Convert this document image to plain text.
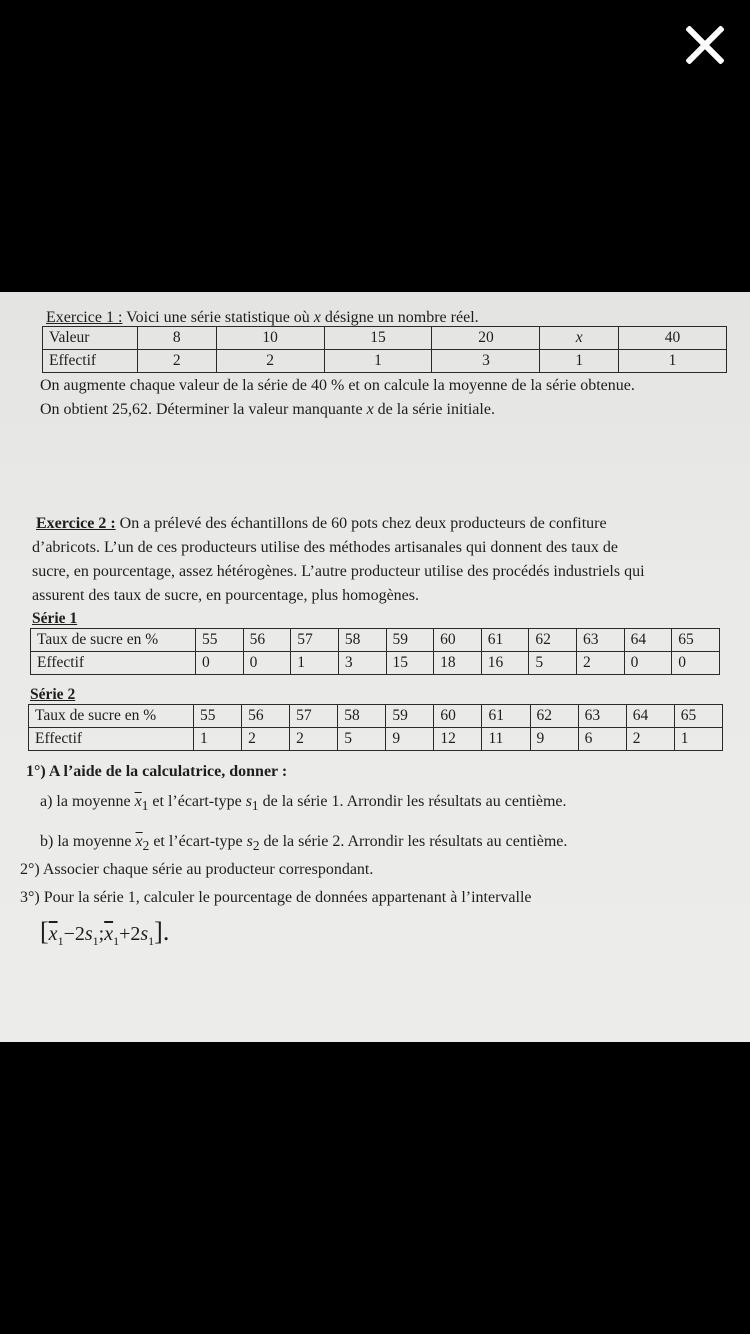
Exercice 1 : Voici une série statistique où x désigne un nombre réel.
Valeur	8	10	15	20	x	40
Effectif	2	2	1	3	1	1
On augmente chaque valeur de la série de 40 % et on calcule la moyenne de la série obtenue.
On obtient 25,62. Déterminer la valeur manquante x de la série initiale.
Exercice 2 : On a prélevé des échantillons de 60 pots chez deux producteurs de confiture
d’abricots. L’un de ces producteurs utilise des méthodes artisanales qui donnent des taux de
sucre, en pourcentage, assez hétérogènes. L’autre producteur utilise des procédés industriels qui
assurent des taux de sucre, en pourcentage, plus homogènes.
Série 1
Taux de sucre en %	55	56	57	58	59	60	61	62	63	64	65
Effectif	0	0	1	3	15	18	16	5	2	0	0
Série 2
Taux de sucre en %	55	56	57	58	59	60	61	62	63	64	65
Effectif	1	2	2	5	9	12	11	9	6	2	1
1°) A l’aide de la calculatrice, donner :
a) la moyenne $\overline{x}_1$ et l’écart-type $s_1$ de la série 1. Arrondir les résultats au centième.
b) la moyenne $\overline{x}_2$ et l’écart-type $s_2$ de la série 2. Arrondir les résultats au centième.
2°) Associer chaque série au producteur correspondant.
3°) Pour la série 1, calculer le pourcentage de données appartenant à l’intervalle
$[\overline{x}_1-2s_1;\overline{x}_1+2s_1]$.
